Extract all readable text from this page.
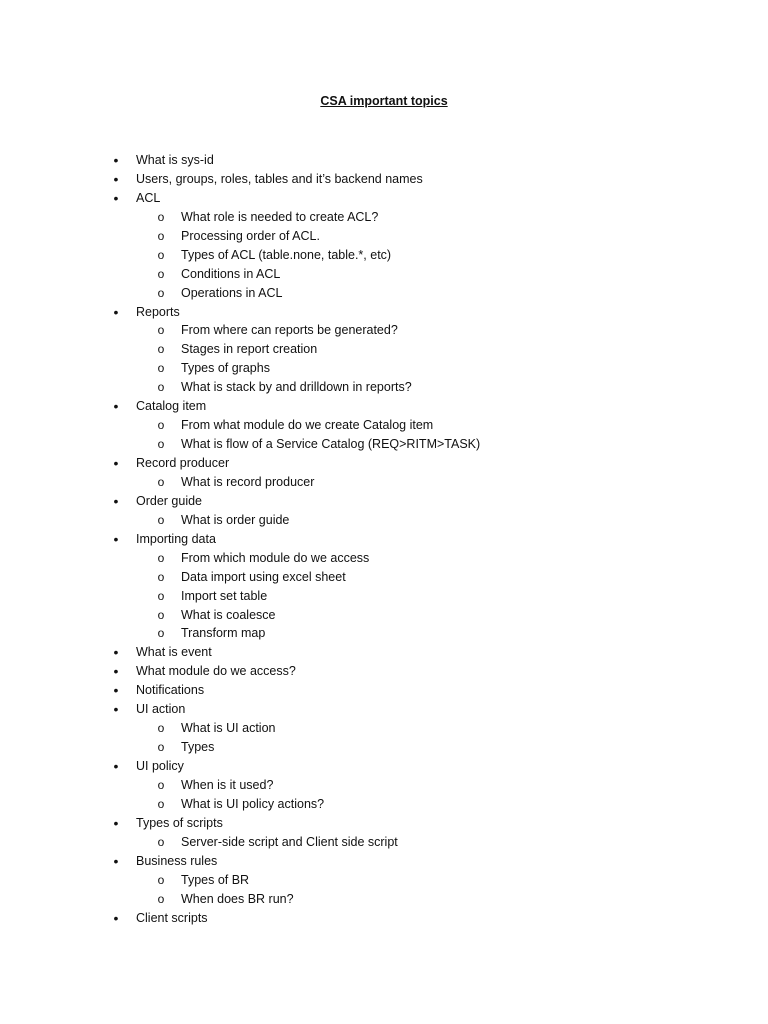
CSA important topics
•	What is sys-id
•	Users, groups, roles, tables and it’s backend names
•	ACL
o What role is needed to create ACL?
o Processing order of ACL.
o Types of ACL (table.none, table.*, etc)
o Conditions in ACL
o Operations in ACL
•	Reports
o From where can reports be generated?
o Stages in report creation
o Types of graphs
o What is stack by and drilldown in reports?
•	Catalog item
o From what module do we create Catalog item
o What is flow of a Service Catalog (REQ>RITM>TASK)
•	Record producer
o What is record producer
•	Order guide
o What is order guide
•	Importing data
o From which module do we access
o Data import using excel sheet
o Import set table
o What is coalesce
o Transform map
•	What is event
•	What module do we access?
•	Notifications
•	UI action
o What is UI action
o Types
•	UI policy
o When is it used?
o What is UI policy actions?
•	Types of scripts
o Server-side script and Client side script
•	Business rules
o Types of BR
o When does BR run?
•	Client scripts
